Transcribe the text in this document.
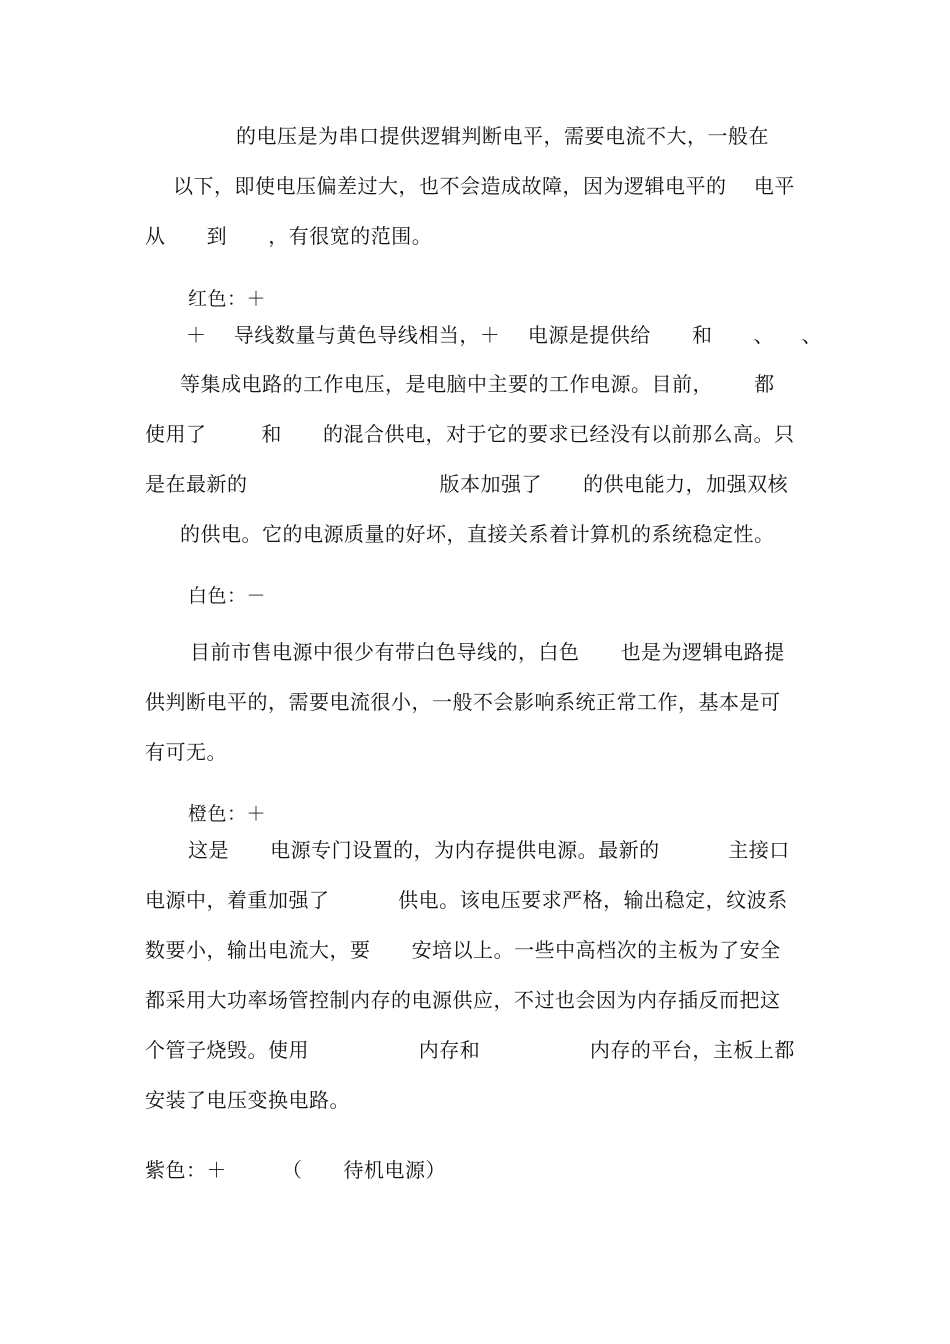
的电压是为串口提供逻辑判断电平，需要电流不大，一般在
以下，即使电压偏差过大，也不会造成故障，因为逻辑电平的    电平
从      到      ，有很宽的范围。
红色：＋
＋    导线数量与黄色导线相当，＋    电源是提供给      和      、    、
等集成电路的工作电压，是电脑中主要的工作电源。目前，      都
使用了        和      的混合供电，对于它的要求已经没有以前那么高。只
是在最新的                            版本加强了      的供电能力，加强双核
的供电。它的电源质量的好坏，直接关系着计算机的系统稳定性。
白色：－
目前市售电源中很少有带白色导线的，白色      也是为逻辑电路提
供判断电平的，需要电流很小，一般不会影响系统正常工作，基本是可
有可无。
橙色：＋
这是      电源专门设置的，为内存提供电源。最新的          主接口
电源中，着重加强了          供电。该电压要求严格，输出稳定，纹波系
数要小，输出电流大，要      安培以上。一些中高档次的主板为了安全
都采用大功率场管控制内存的电源供应，不过也会因为内存插反而把这
个管子烧毁。使用                内存和                内存的平台，主板上都
安装了电压变换电路。
紫色：＋        （      待机电源）
